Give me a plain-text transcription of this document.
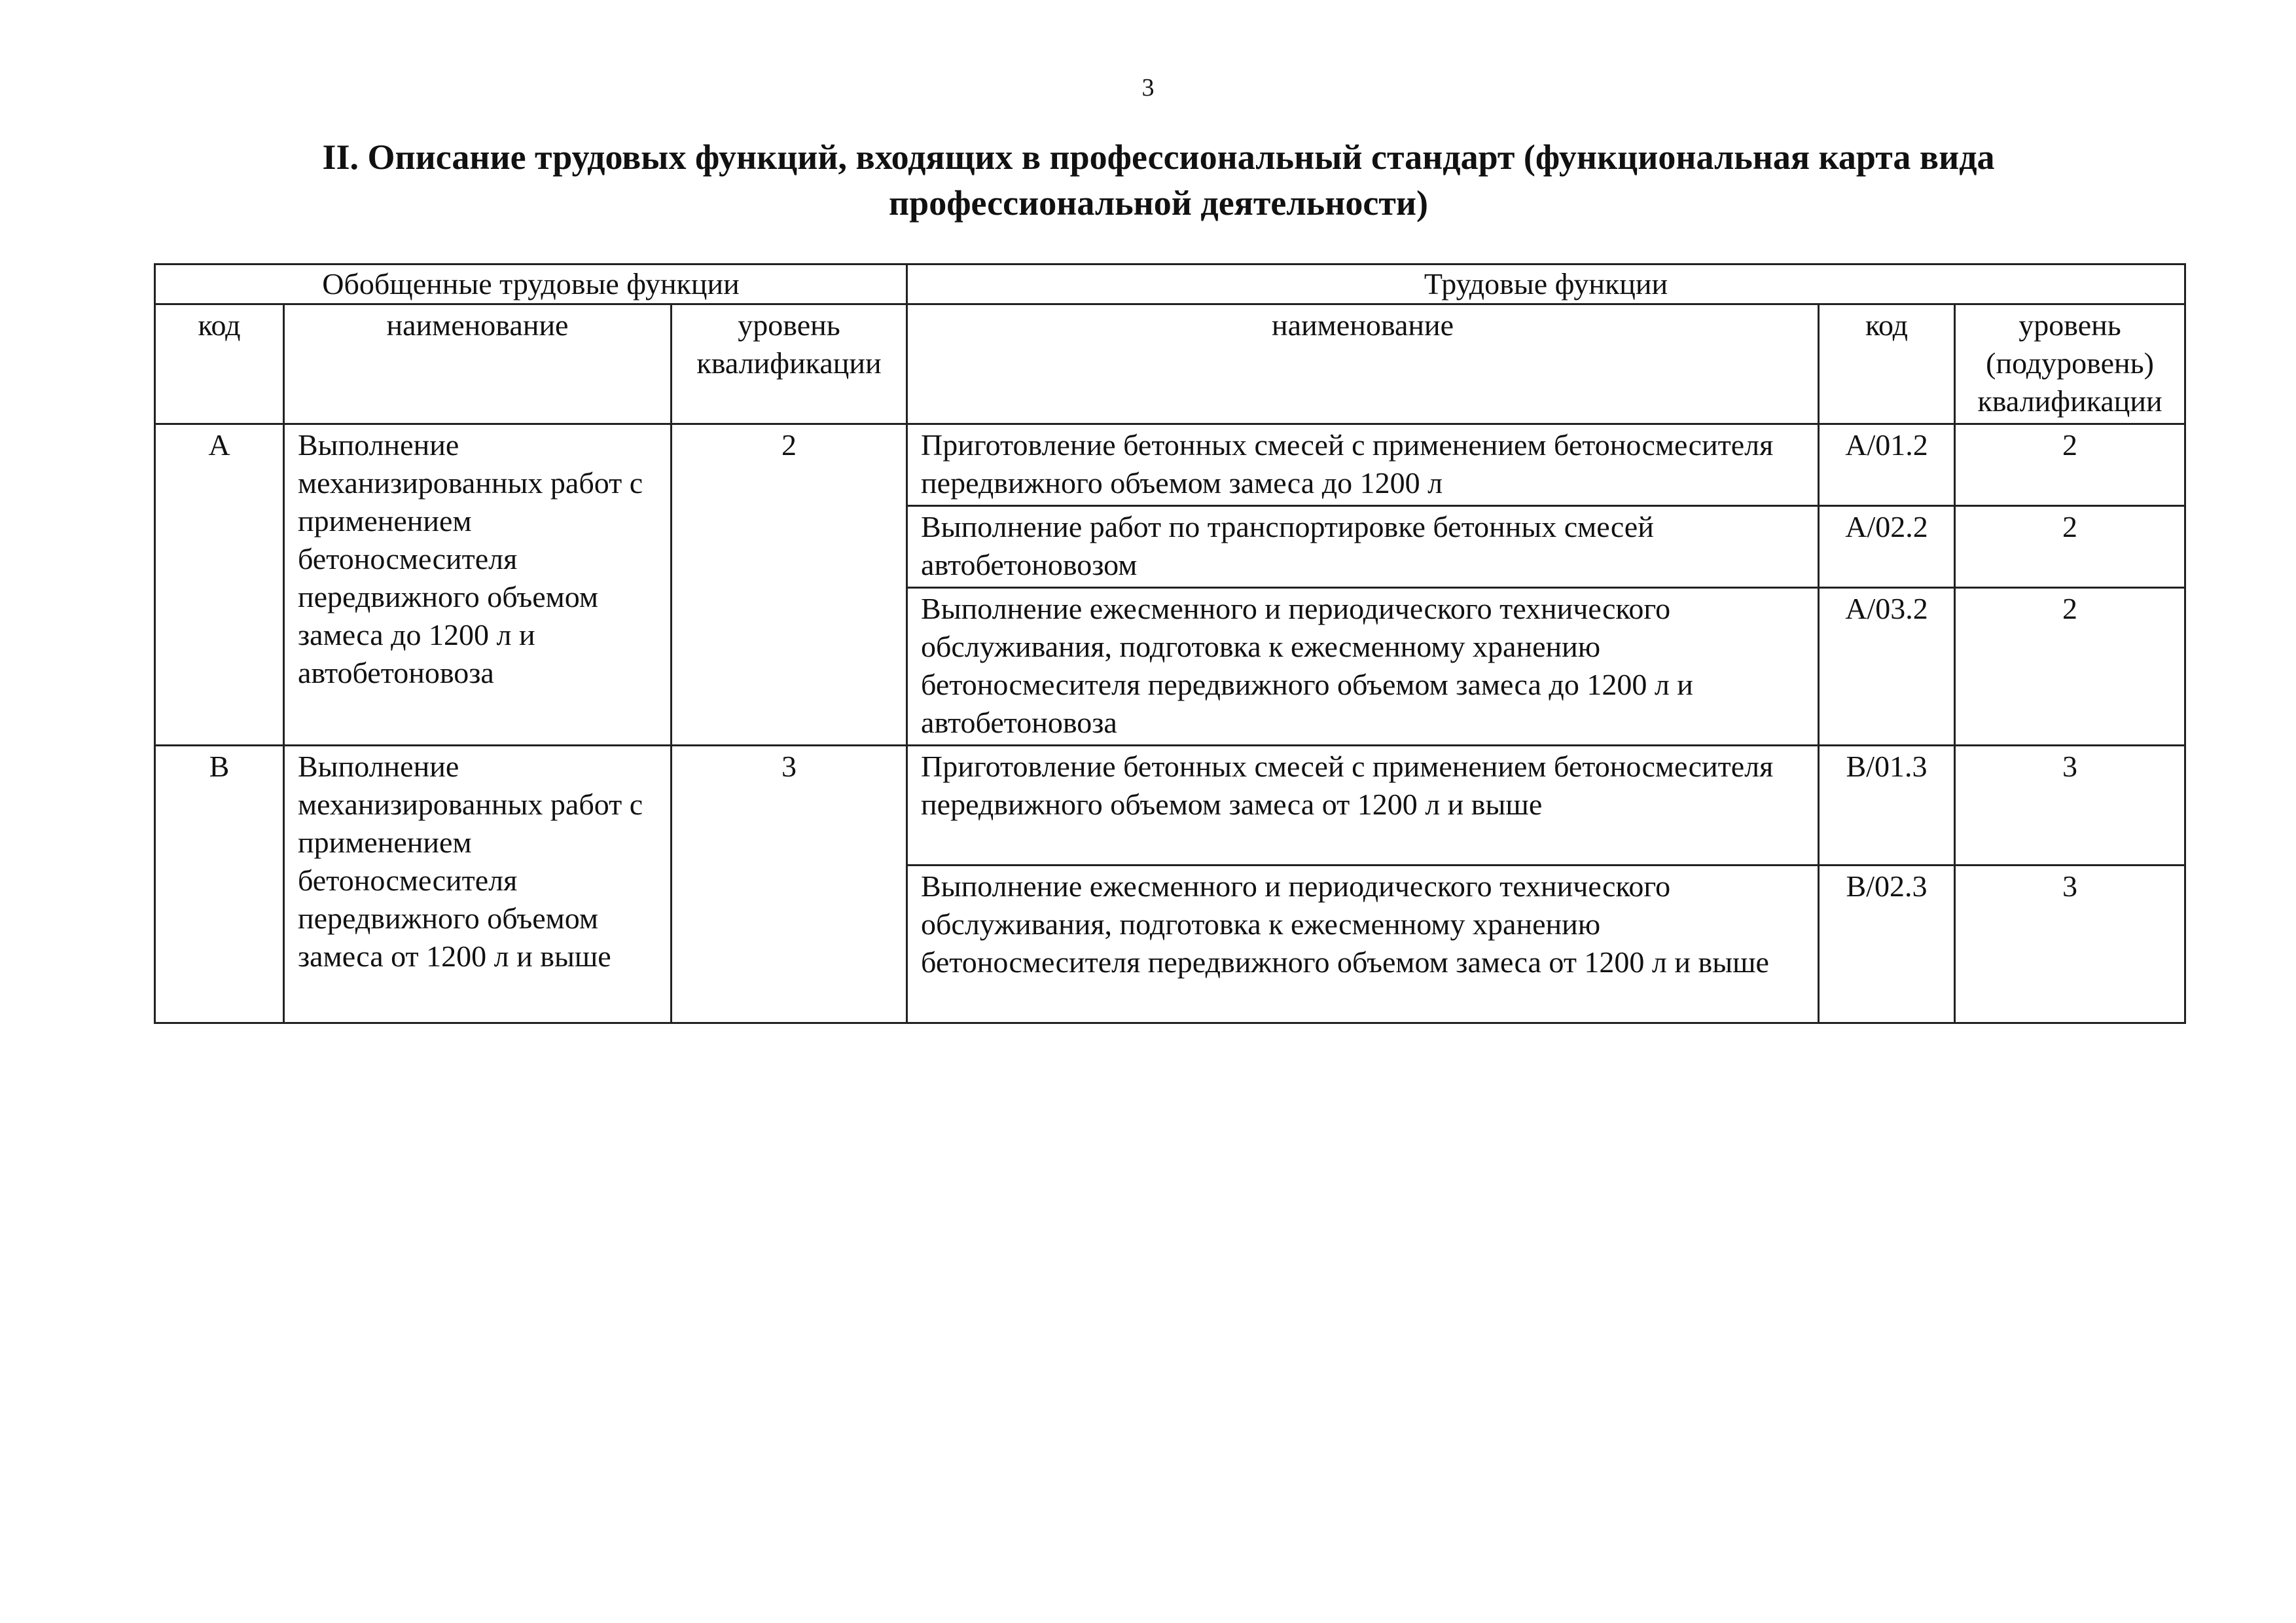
3
II. Описание трудовых функций, входящих в профессиональный стандарт (функциональная карта вида профессиональной деятельности)
Обобщенные трудовые функции			Трудовые функции		
код	наименование	уровень квалификации	наименование	код	уровень (подуровень) квалификации
А	Выполнение механизированных работ с применением бетоносмесителя передвижного объемом замеса до 1200 л и автобетоновоза	2	Приготовление бетонных смесей с применением бетоносмесителя передвижного объемом замеса до 1200 л	А/01.2	2
			Выполнение работ по транспортировке бетонных смесей автобетоновозом	А/02.2	2
			Выполнение ежесменного и периодического технического обслуживания, подготовка к ежесменному хранению бетоносмесителя передвижного объемом замеса до 1200 л и автобетоновоза	А/03.2	2
В	Выполнение механизированных работ с применением бетоносмесителя передвижного объемом замеса от 1200 л и выше	3	Приготовление бетонных смесей с применением бетоносмесителя передвижного объемом замеса от 1200 л и выше	В/01.3	3
			Выполнение ежесменного и периодического технического обслуживания, подготовка к ежесменному хранению бетоносмесителя передвижного объемом замеса от 1200 л и выше	В/02.3	3
